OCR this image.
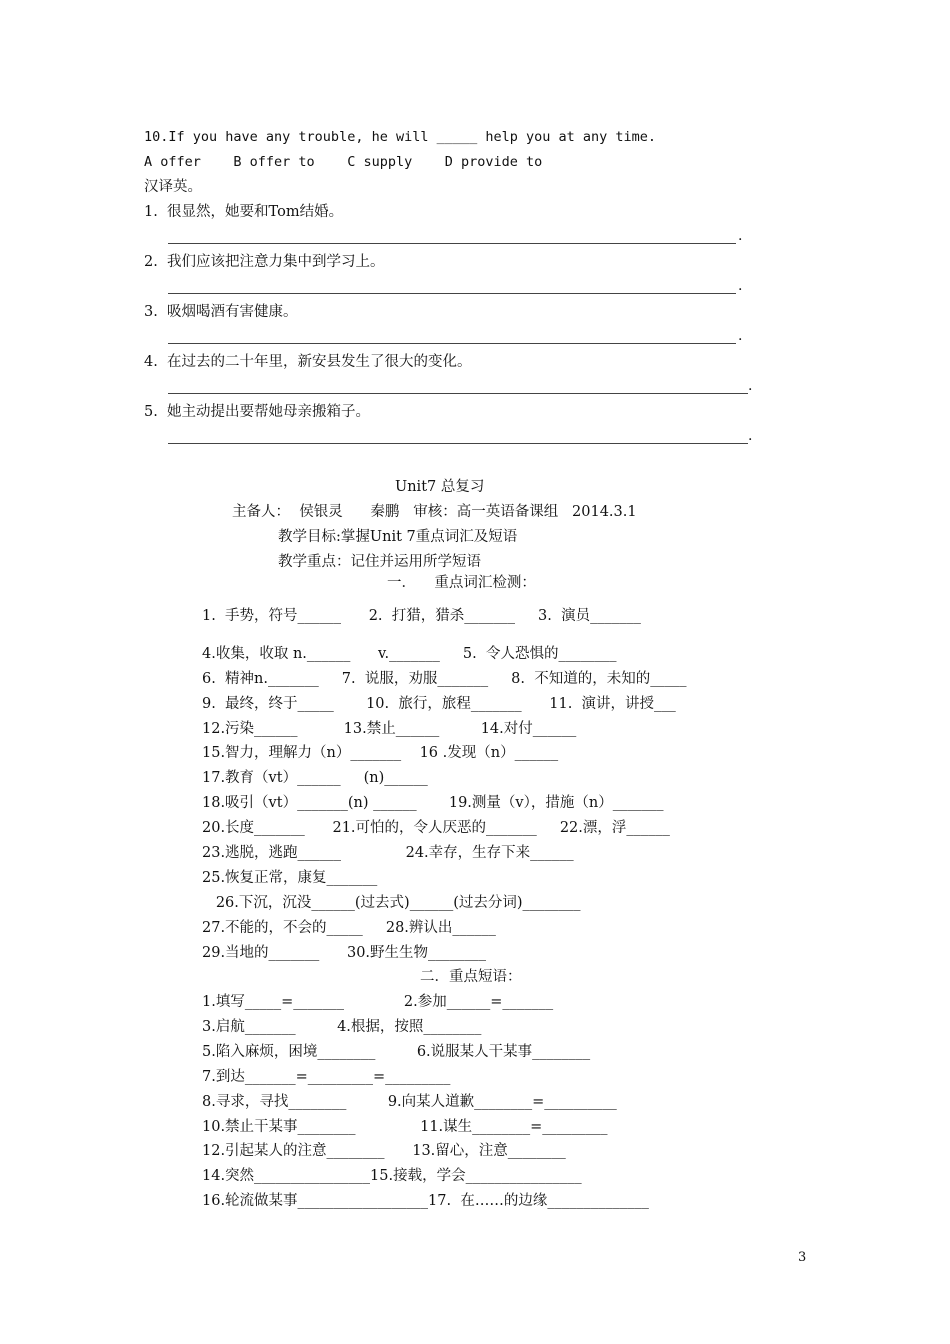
10.If you have any trouble, he will _____ help you at any time.
A offer    B offer to    C supply    D provide to
汉译英。
1.  很显然，她要和Tom结婚。
.
2.  我们应该把注意力集中到学习上。
.
3.  吸烟喝酒有害健康。
.
4.  在过去的二十年里，新安县发生了很大的变化。
.
5.  她主动提出要帮她母亲搬箱子。
.
Unit7 总复习
主备人：  侯银灵      秦鹏   审核：高一英语备课组   2014.3.1
教学目标:掌握Unit 7重点词汇及短语
教学重点：记住并运用所学短语
一．    重点词汇检测：
1.  手势，符号______      2.  打猎，猎杀_______     3.  演员_______
4.收集，收取 n.______      v._______     5.  令人恐惧的________
6.  精神n._______     7.  说服，劝服_______     8.  不知道的，未知的_____
9.  最终，终于_____       10.  旅行，旅程_______      11.  演讲，讲授___
12.污染______          13.禁止______         14.对付______
15.智力，理解力（n）_______    16 .发现（n）______
17.教育（vt）______     (n)______
18.吸引（vt）_______(n) ______       19.测量（v），措施（n）_______
20.长度_______      21.可怕的，令人厌恶的_______     22.漂，浮______
23.逃脱，逃跑______              24.幸存，生存下来______
25.恢复正常，康复_______
26.下沉，沉没______(过去式)______(过去分词)________
27.不能的，不会的_____     28.辨认出______
29.当地的_______      30.野生生物________
二．重点短语：
1.填写_____=_______             2.参加______=_______
3.启航_______         4.根据，按照________
5.陷入麻烦，困境________         6.说服某人干某事________
7.到达_______=_________=_________
8.寻求，寻找________         9.向某人道歉________=__________
10.禁止干某事________              11.谋生________=_________
12.引起某人的注意________      13.留心，注意________
14.突然________________15.接载，学会________________
16.轮流做某事__________________17.  在……的边缘______________
3
